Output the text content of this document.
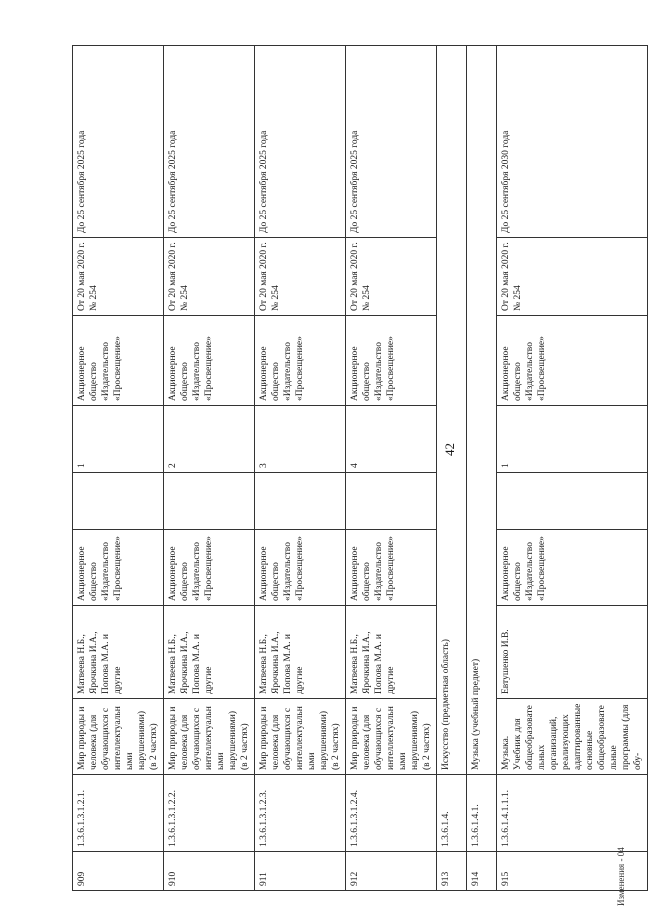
42
Изменения - 04
909	1.3.6.1.3.1.2.1.	Мир природы и человека (для обучающихся с интеллектуальными нарушениями) (в 2 частях)	Матвеева Н.Б., Ярочкина И.А., Попова М.А. и другие	Акционерное общество «Издательство «Просвещение»		1	Акционерное общество «Издательство «Просвещение»	От 20 мая 2020 г. № 254	До 25 сентября 2025 года
910	1.3.6.1.3.1.2.2.	Мир природы и человека (для обучающихся с интеллектуальными нарушениями) (в 2 частях)	Матвеева Н.Б., Ярочкина И.А., Попова М.А. и другие	Акционерное общество «Издательство «Просвещение»		2	Акционерное общество «Издательство «Просвещение»	От 20 мая 2020 г. № 254	До 25 сентября 2025 года
911	1.3.6.1.3.1.2.3.	Мир природы и человека (для обучающихся с интеллектуальными нарушениями) (в 2 частях)	Матвеева Н.Б., Ярочкина И.А., Попова М.А. и другие	Акционерное общество «Издательство «Просвещение»		3	Акционерное общество «Издательство «Просвещение»	От 20 мая 2020 г. № 254	До 25 сентября 2025 года
912	1.3.6.1.3.1.2.4.	Мир природы и человека (для обучающихся с интеллектуальными нарушениями) (в 2 частях)	Матвеева Н.Б., Ярочкина И.А., Попова М.А. и другие	Акционерное общество «Издательство «Просвещение»		4	Акционерное общество «Издательство «Просвещение»	От 20 мая 2020 г. № 254	До 25 сентября 2025 года
913	1.3.6.1.4.	Искусство (предметная область)							
914	1.3.6.1.4.1.	Музыка (учебный предмет)							
915	1.3.6.1.4.1.1.1.	Музыка. Учебник для общеобразовательных организаций, реализующих адаптированные основные общеобразовательные программы (для обу-	Евтушенко И.В.	Акционерное общество «Издательство «Просвещение»		1	Акционерное общество «Издательство «Просвещение»	От 20 мая 2020 г. № 254	До 25 сентября 2030 года
